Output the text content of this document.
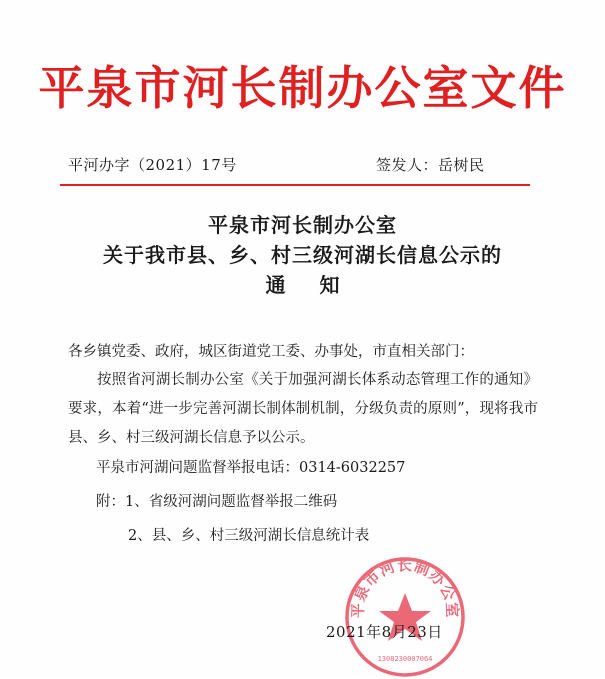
平泉市河长制办公室文件
平河办字（2021）17号	签发人：岳树民
平泉市河长制办公室
关于我市县、乡、村三级河湖长信息公示的
通知
各乡镇党委、政府，城区街道党工委、办事处，市直相关部门：
按照省河湖长制办公室《关于加强河湖长体系动态管理工作的通知》要求，本着“进一步完善河湖长制体制机制，分级负责的原则”，现将我市县、乡、村三级河湖长信息予以公示。
平泉市河湖问题监督举报电话：0314-6032257
附：1、省级河湖问题监督举报二维码
2、县、乡、村三级河湖长信息统计表
平泉市河长制办公室
1308230007064
2021年8月23日
